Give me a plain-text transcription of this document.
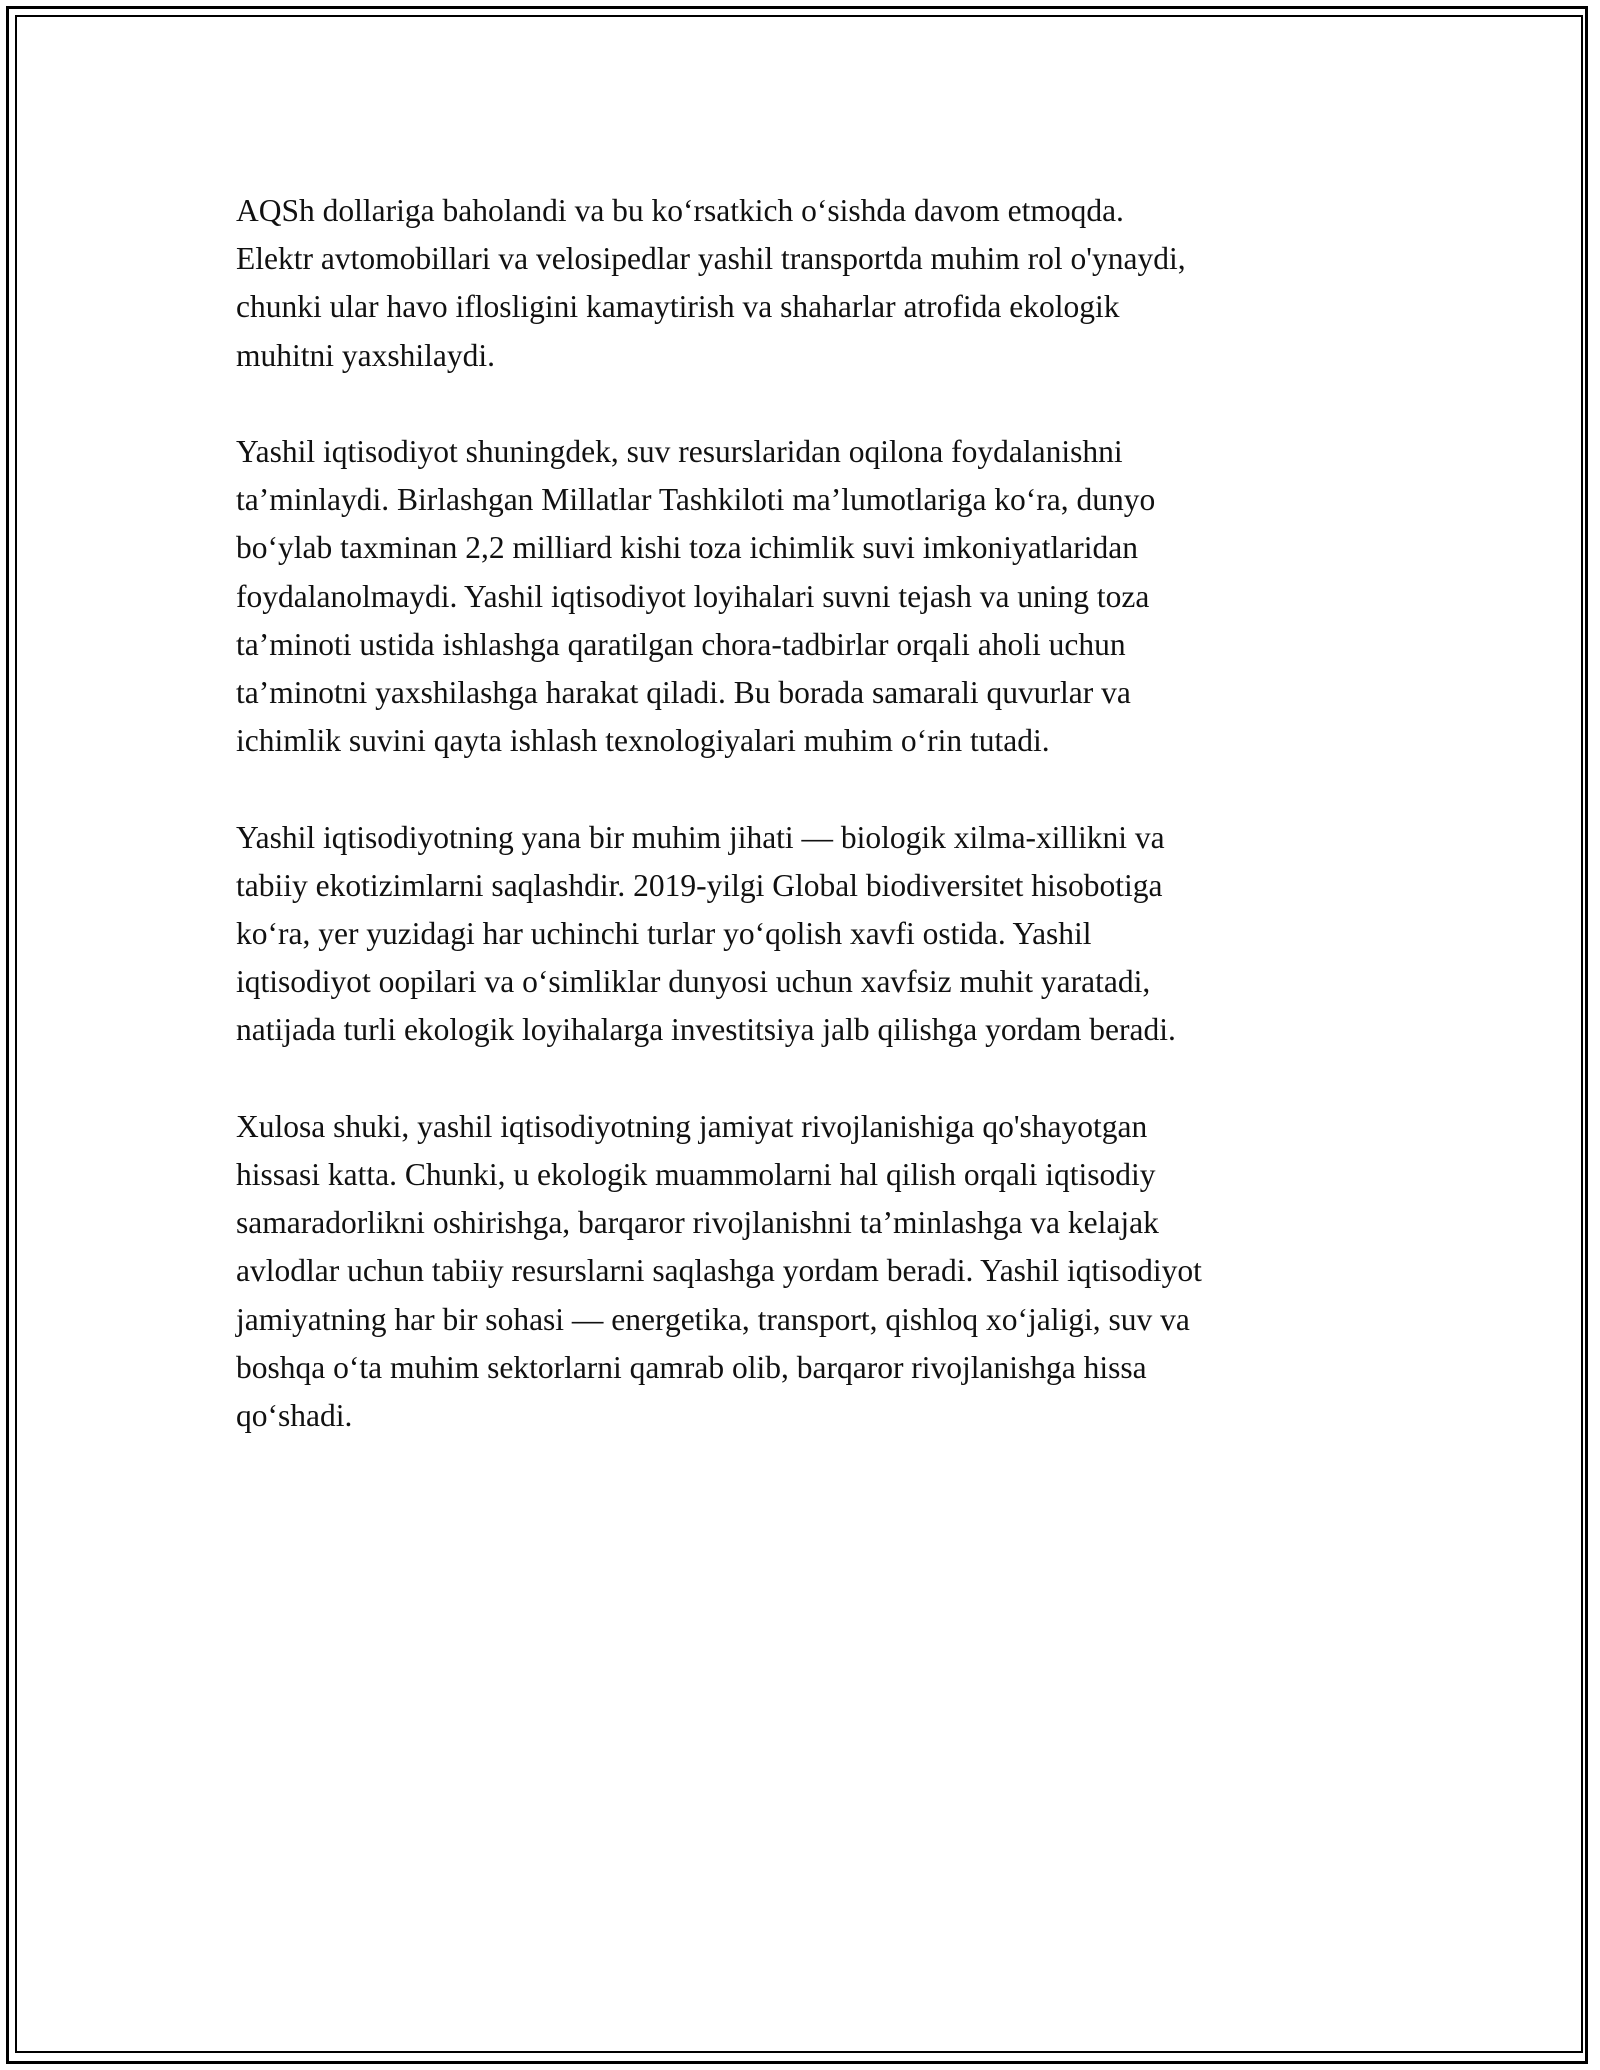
AQSh dollariga baholandi va bu ko‘rsatkich o‘sishda davom etmoqda.
Elektr avtomobillari va velosipedlar yashil transportda muhim rol o'ynaydi,
chunki ular havo iflosligini kamaytirish va shaharlar atrofida ekologik
muhitni yaxshilaydi.

Yashil iqtisodiyot shuningdek, suv resurslaridan oqilona foydalanishni
ta’minlaydi. Birlashgan Millatlar Tashkiloti ma’lumotlariga ko‘ra, dunyo
bo‘ylab taxminan 2,2 milliard kishi toza ichimlik suvi imkoniyatlaridan
foydalanolmaydi. Yashil iqtisodiyot loyihalari suvni tejash va uning toza
ta’minoti ustida ishlashga qaratilgan chora-tadbirlar orqali aholi uchun
ta’minotni yaxshilashga harakat qiladi. Bu borada samarali quvurlar va
ichimlik suvini qayta ishlash texnologiyalari muhim o‘rin tutadi.

Yashil iqtisodiyotning yana bir muhim jihati — biologik xilma-xillikni va
tabiiy ekotizimlarni saqlashdir. 2019-yilgi Global biodiversitet hisobotiga
ko‘ra, yer yuzidagi har uchinchi turlar yo‘qolish xavfi ostida. Yashil
iqtisodiyot oopilari va o‘simliklar dunyosi uchun xavfsiz muhit yaratadi,
natijada turli ekologik loyihalarga investitsiya jalb qilishga yordam beradi.

Xulosa shuki, yashil iqtisodiyotning jamiyat rivojlanishiga qo'shayotgan
hissasi katta. Chunki, u ekologik muammolarni hal qilish orqali iqtisodiy
samaradorlikni oshirishga, barqaror rivojlanishni ta’minlashga va kelajak
avlodlar uchun tabiiy resurslarni saqlashga yordam beradi. Yashil iqtisodiyot
jamiyatning har bir sohasi — energetika, transport, qishloq xo‘jaligi, suv va
boshqa o‘ta muhim sektorlarni qamrab olib, barqaror rivojlanishga hissa
qo‘shadi.
